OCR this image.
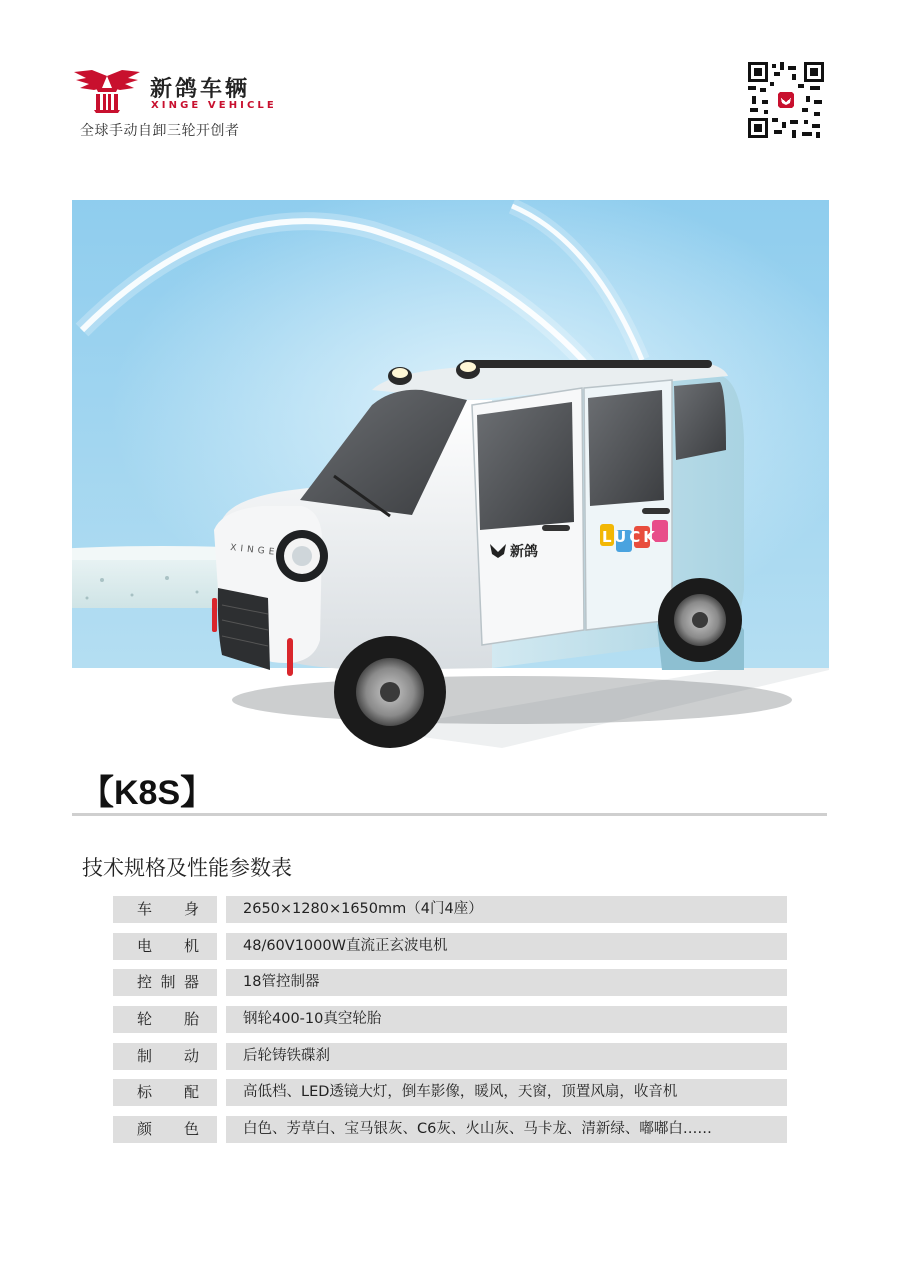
新鸽车辆
XINGE VEHICLE
全球手动自卸三轮开创者
新鸽
LUCK
XINGE
【K8S】
技术规格及性能参数表
车 身	2650×1280×1650mm（4门4座）
电 机	48/60V1000W直流正玄波电机
控 制 器	18管控制器
轮 胎	钢轮400-10真空轮胎
制 动	后轮铸铁碟刹
标 配	高低档、LED透镜大灯，倒车影像，暖风，天窗，顶置风扇，收音机
颜 色	白色、芳草白、宝马银灰、C6灰、火山灰、马卡龙、清新绿、嘟嘟白……
